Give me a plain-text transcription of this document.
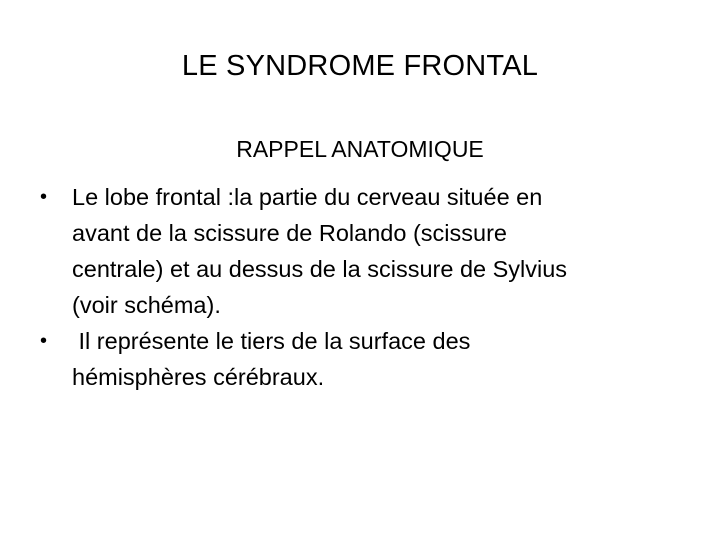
LE SYNDROME FRONTAL
RAPPEL ANATOMIQUE
• Le lobe frontal :la partie du cerveau située en
avant de la scissure de Rolando (scissure
centrale) et au dessus de la scissure de Sylvius
(voir schéma).
• Il représente le tiers de la surface des
hémisphères cérébraux.
